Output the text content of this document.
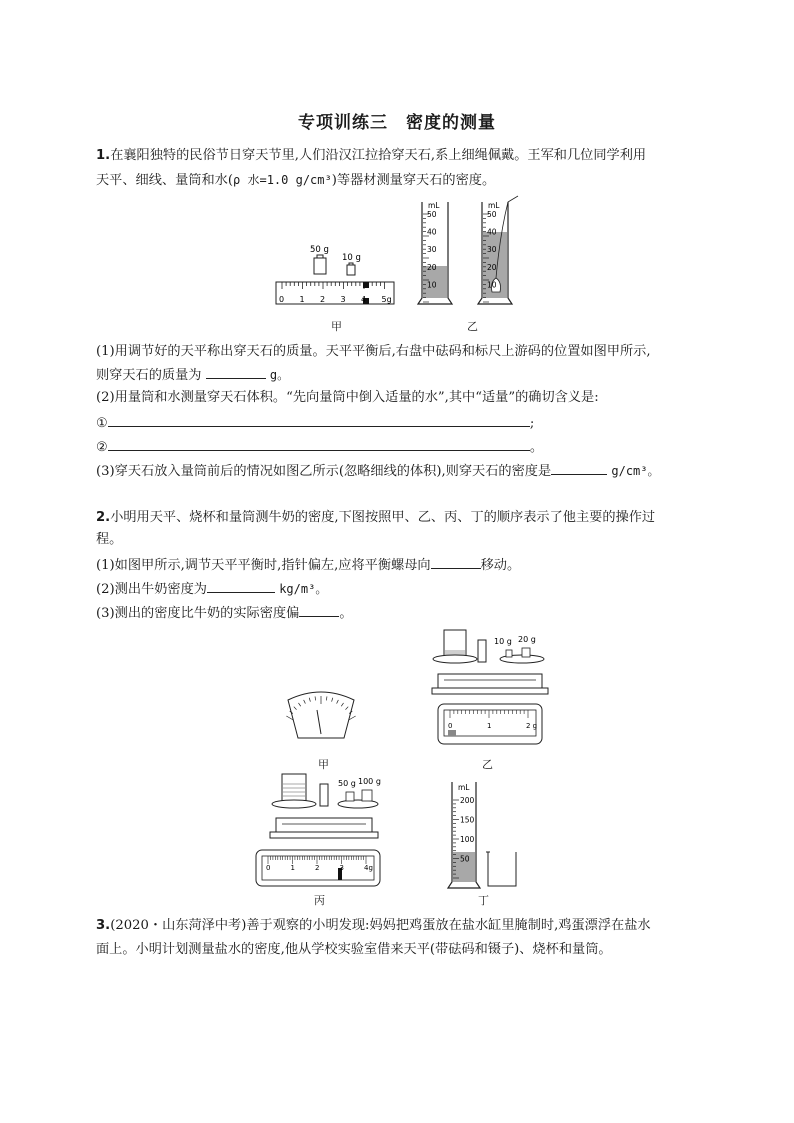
专项训练三　密度的测量
1.在襄阳独特的民俗节日穿天节里,人们沿汉江拉拾穿天石,系上细绳佩戴。王军和几位同学利用
天平、细线、量筒和水(ρ 水=1.0 g/cm³)等器材测量穿天石的密度。
50 g
10 g
0 1 2 3 4 5g
mL
50
40
30
20
10
mL
50
40
30
20
10
甲	乙
(1)用调节好的天平称出穿天石的质量。天平平衡后,右盘中砝码和标尺上游码的位置如图甲所示,
则穿天石的质量为	g。
(2)用量筒和水测量穿天石体积。“先向量筒中倒入适量的水”,其中“适量”的确切含义是:
①	;
②	。
(3)穿天石放入量筒前后的情况如图乙所示(忽略细线的体积),则穿天石的密度是	g/cm³。
2.小明用天平、烧杯和量筒测牛奶的密度,下图按照甲、乙、丙、丁的顺序表示了他主要的操作过
程。
(1)如图甲所示,调节天平平衡时,指针偏左,应将平衡螺母向	移动。
(2)测出牛奶密度为	kg/m³。
(3)测出的密度比牛奶的实际密度偏	。
甲
10 g 20 g
0	1	2 g
乙
50 g 100 g
0	1	2	3	4g
丙
mL
200
150
100
50
丁
3.(2020・山东菏泽中考)善于观察的小明发现:妈妈把鸡蛋放在盐水缸里腌制时,鸡蛋漂浮在盐水
面上。小明计划测量盐水的密度,他从学校实验室借来天平(带砝码和镊子)、烧杯和量筒。
